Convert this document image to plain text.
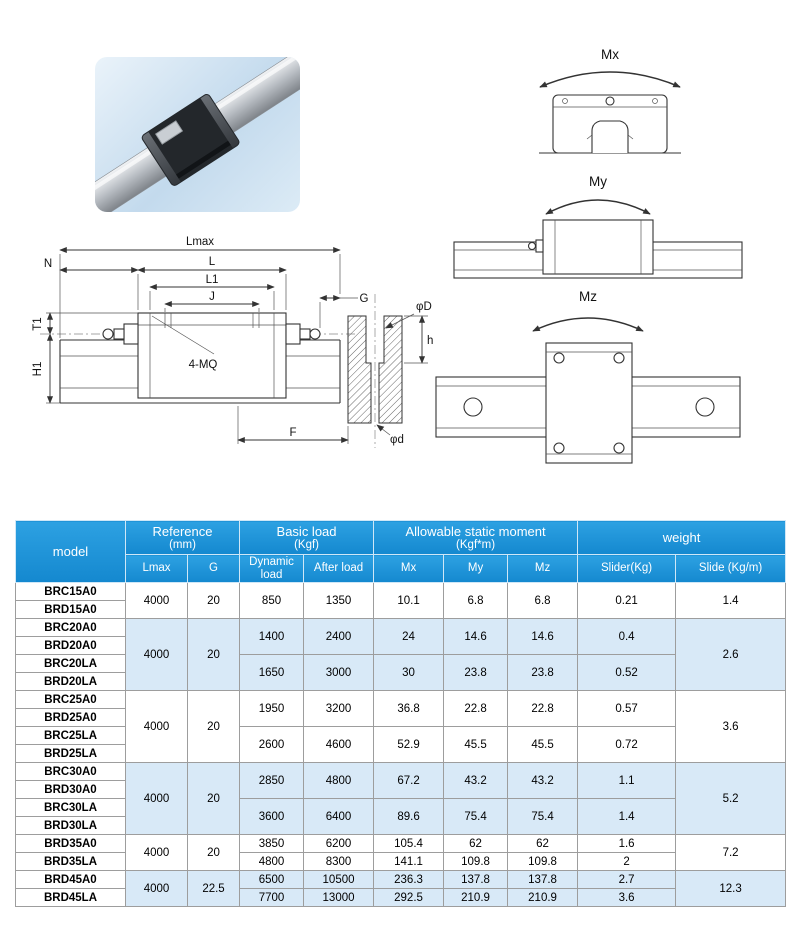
Lmax
L
N
L1
J
T1
H1	4-MQ
G
φD
h
φd
F
Mx
My
Mz
model	
Reference
(mm)

Basic load
(Kgf)

Allowable static moment
(Kgf*m)	weight

	Lmax	G	Dynamic load	After load	Mx	My	Mz	Slider(Kg)	Slide (Kg/m)
BRC15A0	4000	20	850	1350	10.1	6.8	6.8	0.21	1.4
BRD15A0									
BRC20A0	4000	20	1400	2400	24	14.6	14.6	0.4	2.6
BRD20A0									
BRC20LA			1650	3000	30	23.8	23.8	0.52	
BRD20LA									
BRC25A0	4000	20	1950	3200	36.8	22.8	22.8	0.57	3.6
BRD25A0									
BRC25LA			2600	4600	52.9	45.5	45.5	0.72	
BRD25LA									
BRC30A0	4000	20	2850	4800	67.2	43.2	43.2	1.1	5.2
BRD30A0									
BRC30LA			3600	6400	89.6	75.4	75.4	1.4	
BRD30LA									
BRD35A0	4000	20	3850	6200	105.4	62	62	1.6	7.2
BRD35LA			4800	8300	141.1	109.8	109.8	2	
BRD45A0	4000	22.5	6500	10500	236.3	137.8	137.8	2.7	12.3
BRD45LA			7700	13000	292.5	210.9	210.9	3.6	
